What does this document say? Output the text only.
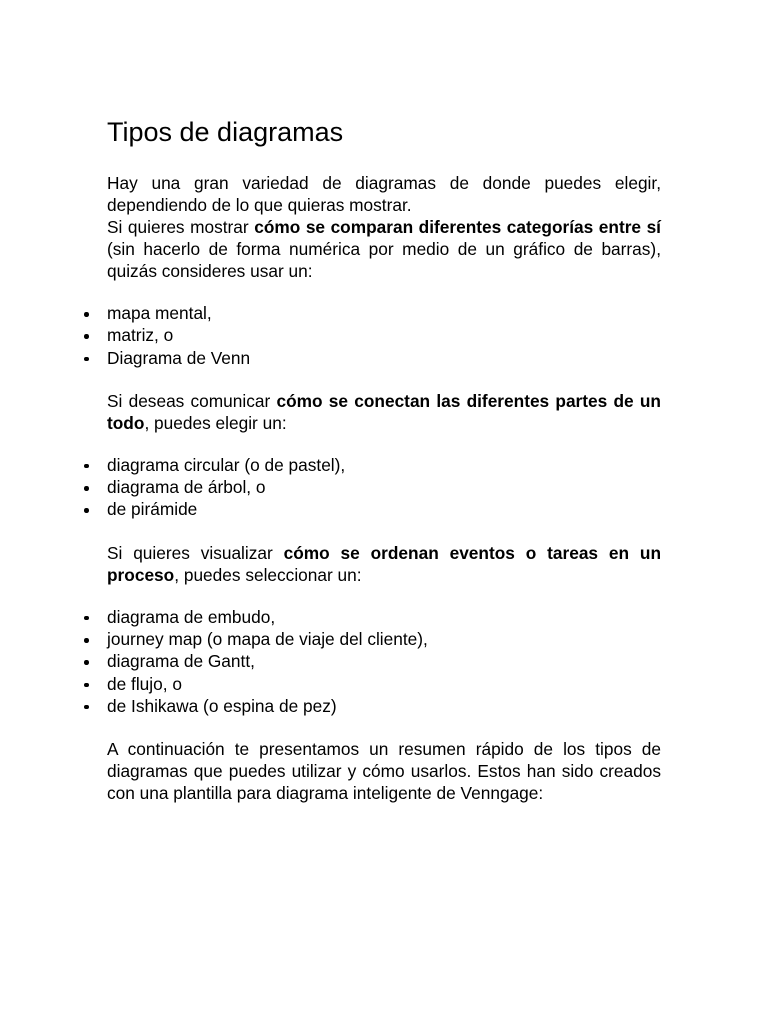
Tipos de diagramas

Hay una gran variedad de diagramas de donde puedes elegir, dependiendo de lo que quieras mostrar.

Si quieres mostrar cómo se comparan diferentes categorías entre sí (sin hacerlo de forma numérica por medio de un gráfico de barras), quizás consideres usar un:

mapa mental,
matriz, o
Diagrama de Venn

Si deseas comunicar cómo se conectan las diferentes partes de un todo, puedes elegir un:

diagrama circular (o de pastel),
diagrama de árbol, o
de pirámide

Si quieres visualizar cómo se ordenan eventos o tareas en un proceso, puedes seleccionar un:

diagrama de embudo,
journey map (o mapa de viaje del cliente),
diagrama de Gantt,
de flujo, o
de Ishikawa (o espina de pez)

A continuación te presentamos un resumen rápido de los tipos de diagramas que puedes utilizar y cómo usarlos. Estos han sido creados con una plantilla para diagrama inteligente de Venngage:
